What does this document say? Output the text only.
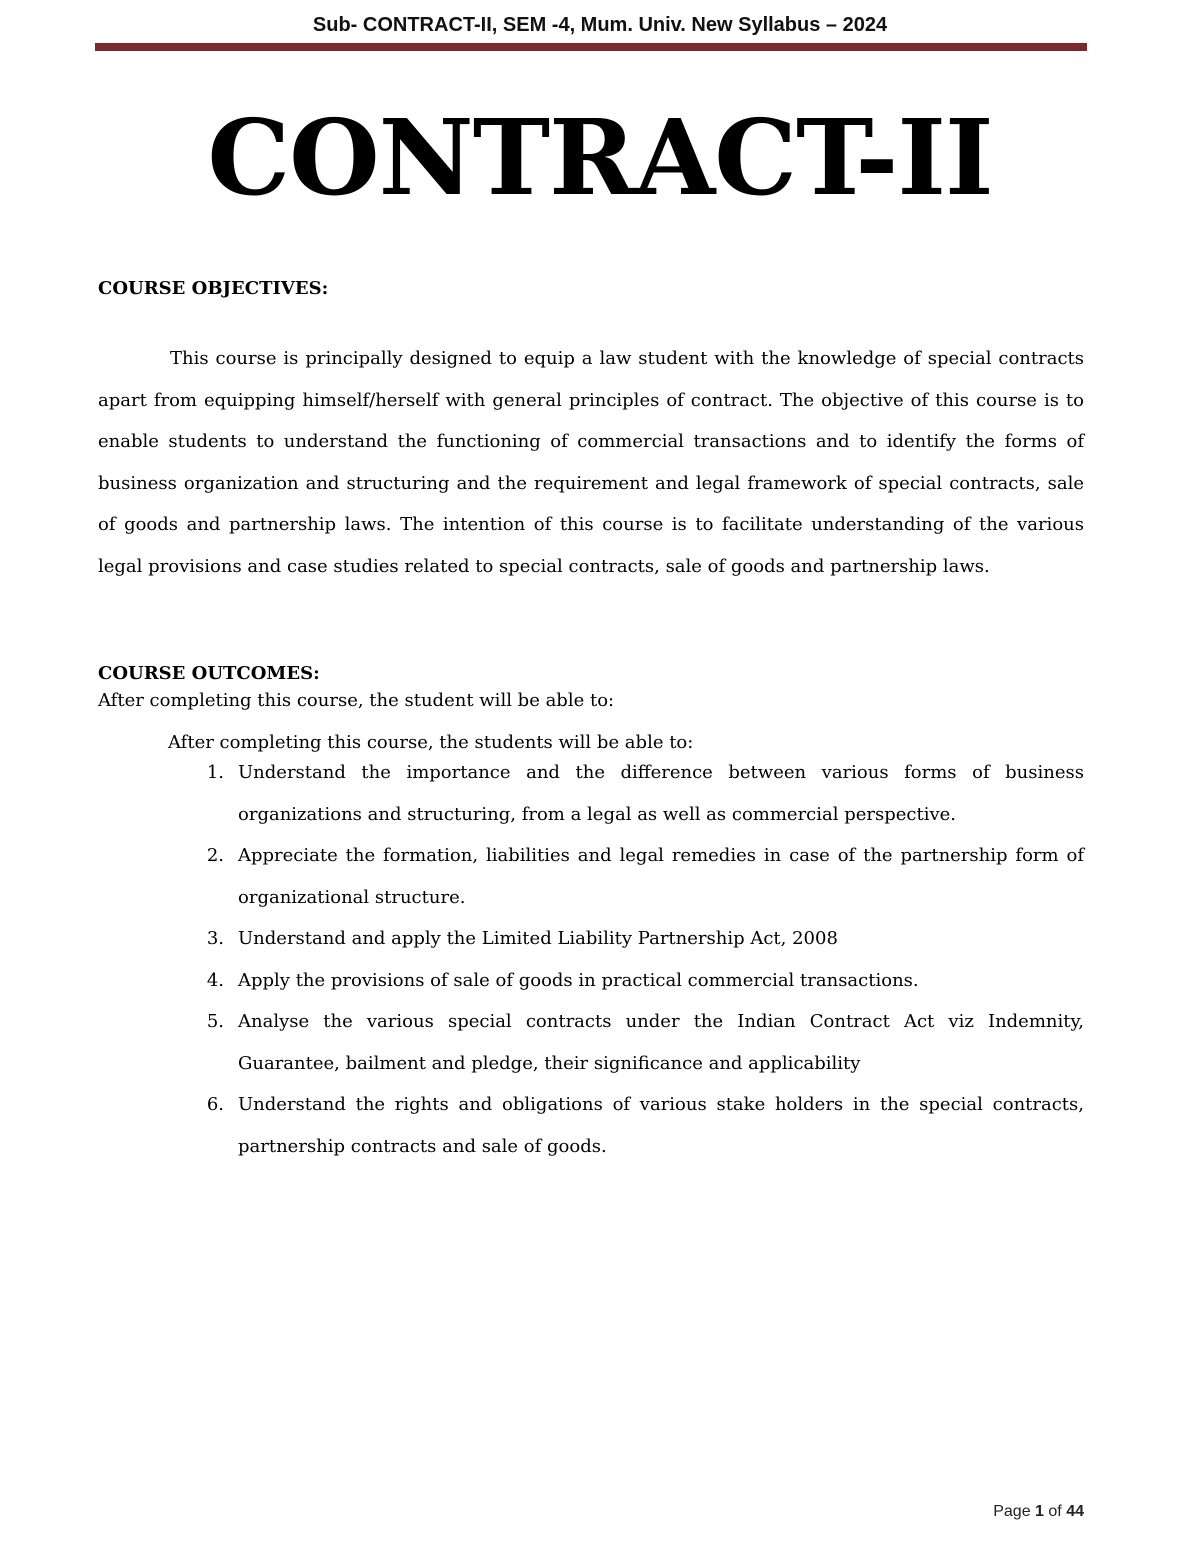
Sub- CONTRACT-II, SEM -4, Mum. Univ. New Syllabus – 2024
CONTRACT-II
COURSE OBJECTIVES:

This course is principally designed to equip a law student with the knowledge of special contracts apart from equipping himself/herself with general principles of contract. The objective of this course is to enable students to understand the functioning of commercial transactions and to identify the forms of business organization and structuring and the requirement and legal framework of special contracts, sale of goods and partnership laws. The intention of this course is to facilitate understanding of the various legal provisions and case studies related to special contracts, sale of goods and partnership laws.

COURSE OUTCOMES:
After completing this course, the student will be able to:
After completing this course, the students will be able to:
1. Understand the importance and the difference between various forms of business organizations and structuring, from a legal as well as commercial perspective.
2. Appreciate the formation, liabilities and legal remedies in case of the partnership form of organizational structure.
3. Understand and apply the Limited Liability Partnership Act, 2008
4. Apply the provisions of sale of goods in practical commercial transactions.
5. Analyse the various special contracts under the Indian Contract Act viz Indemnity, Guarantee, bailment and pledge, their significance and applicability
6. Understand the rights and obligations of various stake holders in the special contracts, partnership contracts and sale of goods.
Page 1 of 44
